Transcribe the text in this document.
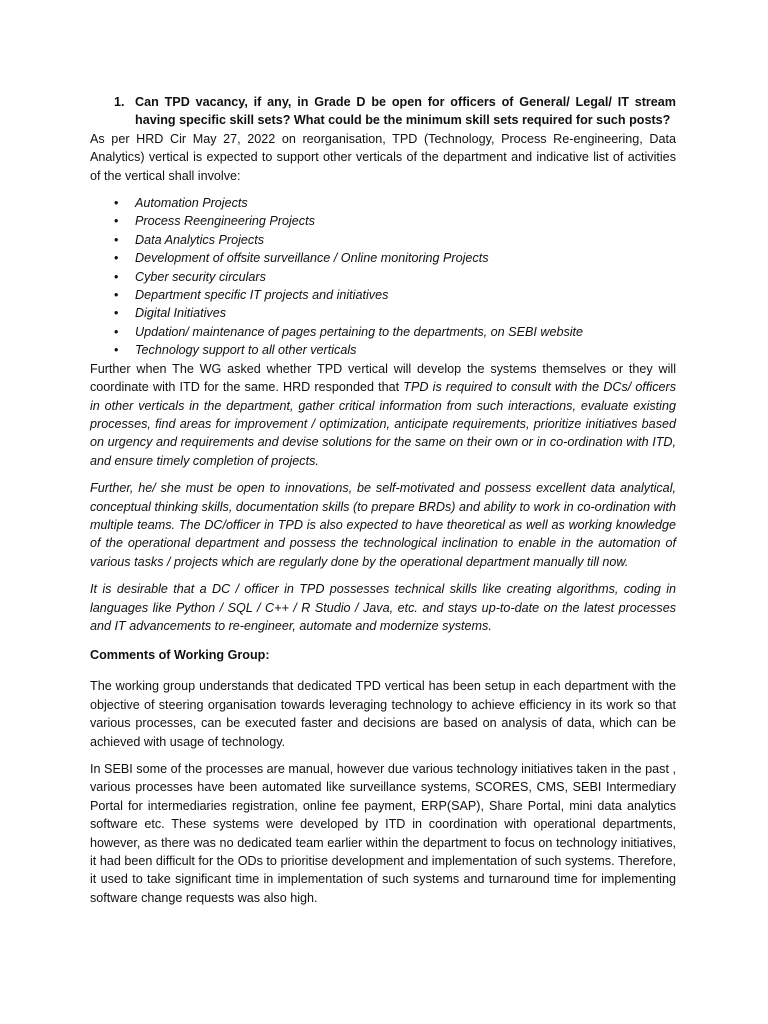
1. Can TPD vacancy, if any, in Grade D be open for officers of General/ Legal/ IT stream having specific skill sets? What could be the minimum skill sets required for such posts?

As per HRD Cir May 27, 2022 on reorganisation, TPD (Technology, Process Re-engineering, Data Analytics) vertical is expected to support other verticals of the department and indicative list of activities of the vertical shall involve:

•	Automation Projects
•	Process Reengineering Projects
•	Data Analytics Projects
•	Development of offsite surveillance / Online monitoring Projects
•	Cyber security circulars
•	Department specific IT projects and initiatives
•	Digital Initiatives
•	Updation/ maintenance of pages pertaining to the departments, on SEBI website
•	Technology support to all other verticals

Further when The WG asked whether TPD vertical will develop the systems themselves or they will coordinate with ITD for the same. HRD responded that TPD is required to consult with the DCs/ officers in other verticals in the department, gather critical information from such interactions, evaluate existing processes, find areas for improvement / optimization, anticipate requirements, prioritize initiatives based on urgency and requirements and devise solutions for the same on their own or in co-ordination with ITD, and ensure timely completion of projects.

Further, he/ she must be open to innovations, be self-motivated and possess excellent data analytical, conceptual thinking skills, documentation skills (to prepare BRDs) and ability to work in co-ordination with multiple teams. The DC/officer in TPD is also expected to have theoretical as well as working knowledge of the operational department and possess the technological inclination to enable in the automation of various tasks / projects which are regularly done by the operational department manually till now.

It is desirable that a DC / officer in TPD possesses technical skills like creating algorithms, coding in languages like Python / SQL / C++ / R Studio / Java, etc. and stays up-to-date on the latest processes and IT advancements to re-engineer, automate and modernize systems.

Comments of Working Group:

The working group understands that dedicated TPD vertical has been setup in each department with the objective of steering organisation towards leveraging technology to achieve efficiency in its work so that various processes, can be executed faster and decisions are based on analysis of data, which can be achieved with usage of technology.

In SEBI some of the processes are manual, however due various technology initiatives taken in the past , various processes have been automated like surveillance systems, SCORES, CMS, SEBI Intermediary Portal for intermediaries registration, online fee payment, ERP(SAP), Share Portal, mini data analytics software etc. These systems were developed by ITD in coordination with operational departments, however, as there was no dedicated team earlier within the department to focus on technology initiatives, it had been difficult for the ODs to prioritise development and implementation of such systems. Therefore, it used to take significant time in implementation of such systems and turnaround time for implementing software change requests was also high.
